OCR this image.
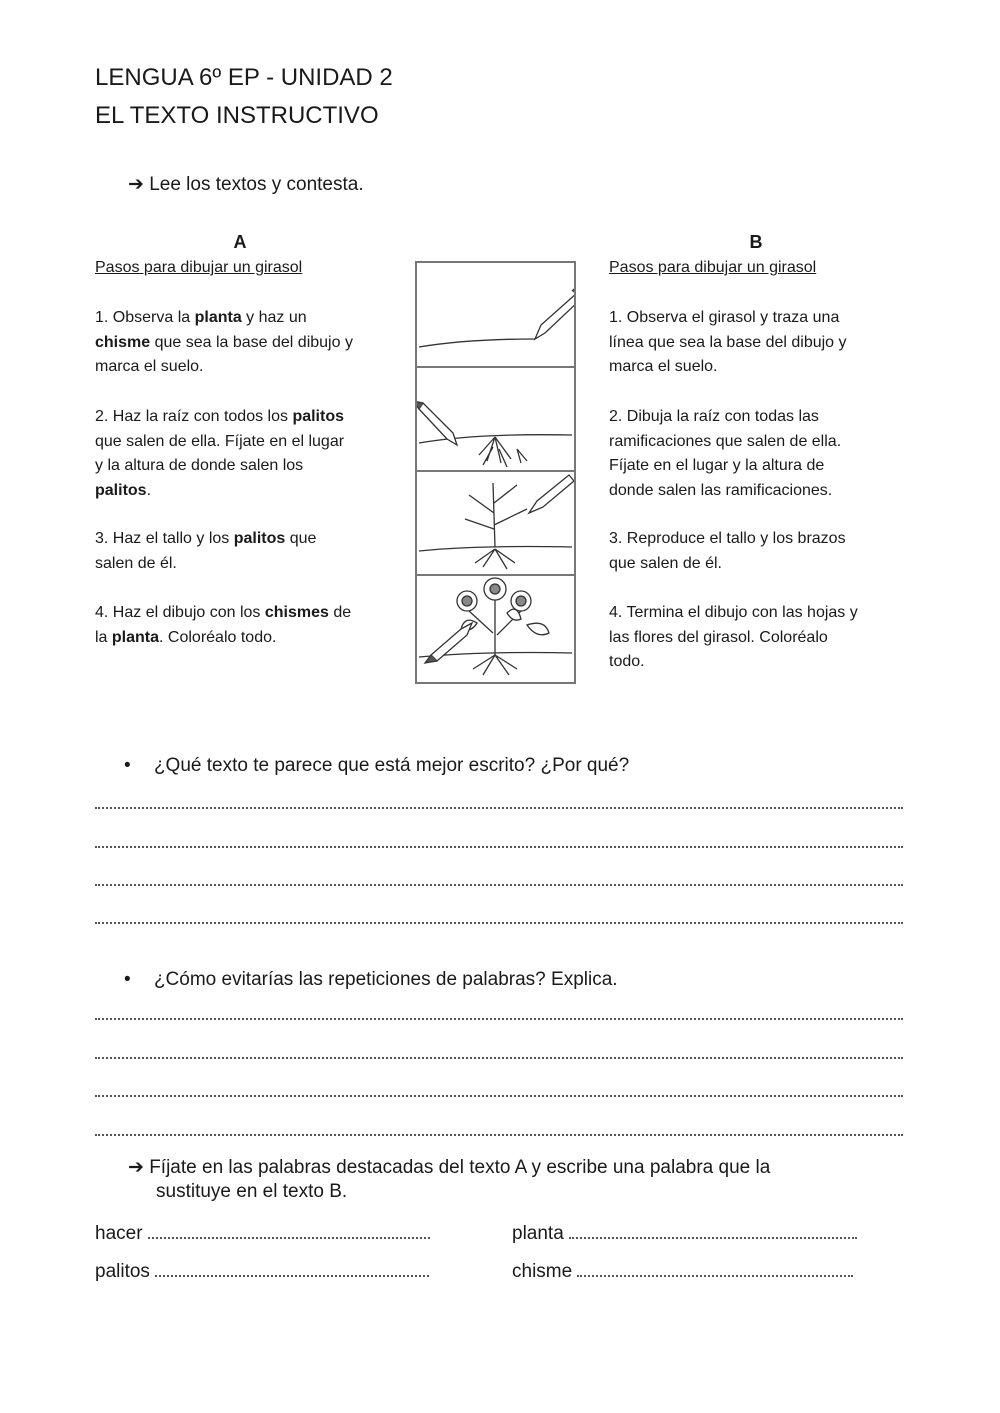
LENGUA 6º EP - UNIDAD 2
EL TEXTO INSTRUCTIVO
➔ Lee los textos y contesta.
A
Pasos para dibujar un girasol
1. Observa la planta y haz un
chisme que sea la base del dibujo y
marca el suelo.
2. Haz la raíz con todos los palitos
que salen de ella. Fíjate en el lugar
y la altura de donde salen los
palitos.
3. Haz el tallo y los palitos que
salen de él.
4. Haz el dibujo con los chismes de
la planta. Coloréalo todo.
B
Pasos para dibujar un girasol
1. Observa el girasol y traza una
línea que sea la base del dibujo y
marca el suelo.
2. Dibuja la raíz con todas las
ramificaciones que salen de ella.
Fíjate en el lugar y la altura de
donde salen las ramificaciones.
3. Reproduce el tallo y los brazos
que salen de él.
4. Termina el dibujo con las hojas y
las flores del girasol. Coloréalo
todo.
• ¿Qué texto te parece que está mejor escrito? ¿Por qué?
• ¿Cómo evitarías las repeticiones de palabras? Explica.
➔ Fíjate en las palabras destacadas del texto A y escribe una palabra que la
sustituye en el texto B.
hacer	planta
palitos	chisme
